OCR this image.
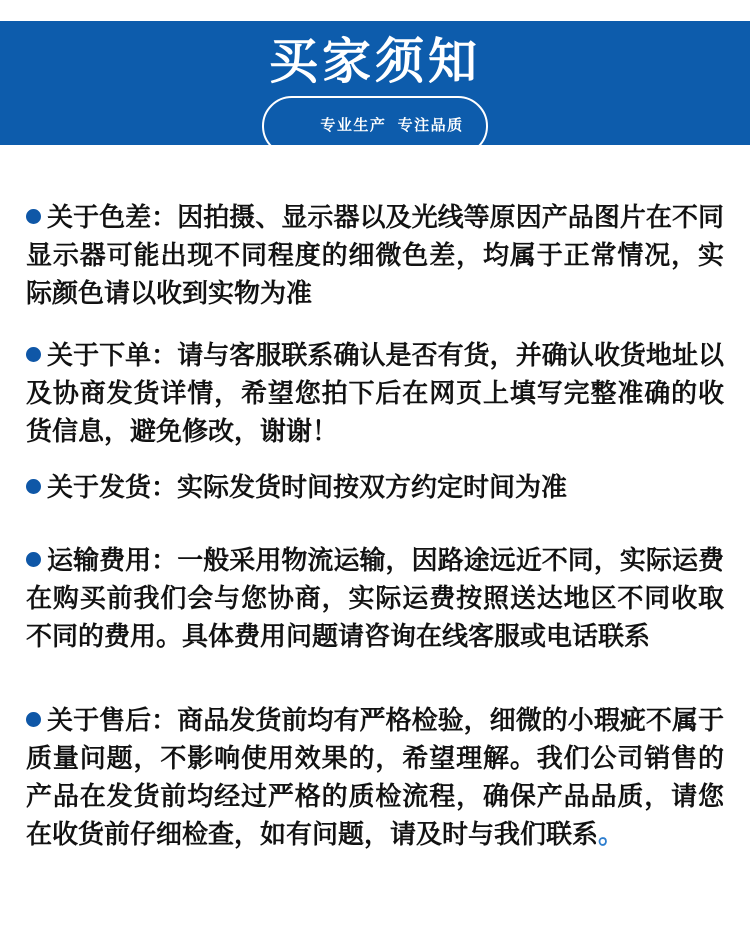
买家须知

专业生产  专注品质

关于色差：因拍摄、显示器以及光线等原因产品图片在不同显示器可能出现不同程度的细微色差，均属于正常情况，实际颜色请以收到实物为准

关于下单：请与客服联系确认是否有货，并确认收货地址以及协商发货详情，希望您拍下后在网页上填写完整准确的收货信息，避免修改，谢谢！

关于发货：实际发货时间按双方约定时间为准

运输费用：一般采用物流运输，因路途远近不同，实际运费在购买前我们会与您协商，实际运费按照送达地区不同收取不同的费用。具体费用问题请咨询在线客服或电话联系

关于售后：商品发货前均有严格检验，细微的小瑕疵不属于质量问题，不影响使用效果的，希望理解。我们公司销售的产品在发货前均经过严格的质检流程，确保产品品质，请您在收货前仔细检查，如有问题，请及时与我们联系。
